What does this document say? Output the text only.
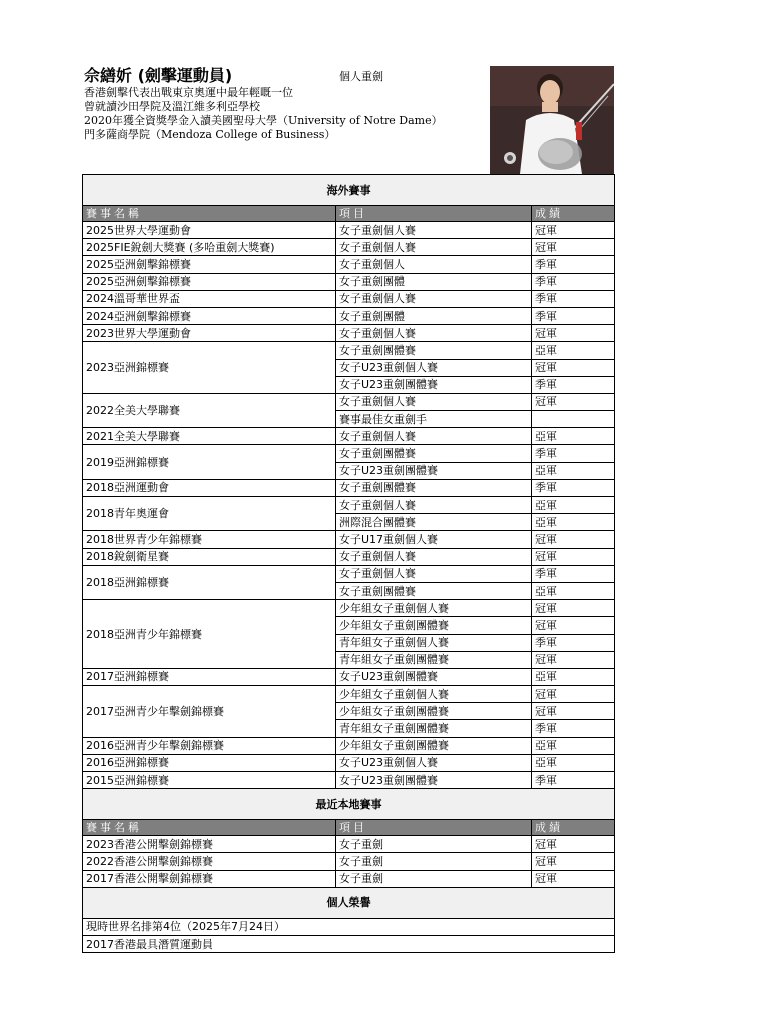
佘繕妡 (劍擊運動員)	個人重劍
香港劍擊代表出戰東京奧運中最年輕嘅一位
曾就讀沙田學院及溫江維多利亞學校
2020年獲全資獎學金入讀美國聖母大學（University of Notre Dame）
門多薩商學院（Mendoza College of Business）
海外賽事		
賽事名稱	項目	成績
2025世界大學運動會	女子重劍個人賽	冠軍
2025FIE銳劍大獎賽 (多哈重劍大獎賽)	女子重劍個人賽	冠軍
2025亞洲劍擊錦標賽	女子重劍個人	季軍
2025亞洲劍擊錦標賽	女子重劍團體	季軍
2024溫哥華世界盃	女子重劍個人賽	季軍
2024亞洲劍擊錦標賽	女子重劍團體	季軍
2023世界大學運動會	女子重劍個人賽	冠軍
2023亞洲錦標賽	女子重劍團體賽	亞軍
	女子U23重劍個人賽	冠軍
	女子U23重劍團體賽	季軍
2022全美大學聯賽	女子重劍個人賽	冠軍
	賽事最佳女重劍手	
2021全美大學聯賽	女子重劍個人賽	亞軍
2019亞洲錦標賽	女子重劍團體賽	季軍
	女子U23重劍團體賽	亞軍
2018亞洲運動會	女子重劍團體賽	季軍
2018青年奧運會	女子重劍個人賽	亞軍
	洲際混合團體賽	亞軍
2018世界青少年錦標賽	女子U17重劍個人賽	冠軍
2018銳劍衛星賽	女子重劍個人賽	冠軍
2018亞洲錦標賽	女子重劍個人賽	季軍
	女子重劍團體賽	亞軍
2018亞洲青少年錦標賽	少年組女子重劍個人賽	冠軍
	少年組女子重劍團體賽	冠軍
	青年組女子重劍個人賽	季軍
	青年組女子重劍團體賽	冠軍
2017亞洲錦標賽	女子U23重劍團體賽	亞軍
2017亞洲青少年擊劍錦標賽	少年組女子重劍個人賽	冠軍
	少年組女子重劍團體賽	冠軍
	青年組女子重劍團體賽	季軍
2016亞洲青少年擊劍錦標賽	少年組女子重劍團體賽	亞軍
2016亞洲錦標賽	女子U23重劍個人賽	亞軍
2015亞洲錦標賽	女子U23重劍團體賽	季軍
最近本地賽事		
賽事名稱	項目	成績
2023香港公開擊劍錦標賽	女子重劍	冠軍
2022香港公開擊劍錦標賽	女子重劍	冠軍
2017香港公開擊劍錦標賽	女子重劍	冠軍
個人榮譽		
現時世界名排第4位（2025年7月24日）		
2017香港最具潛質運動員		
